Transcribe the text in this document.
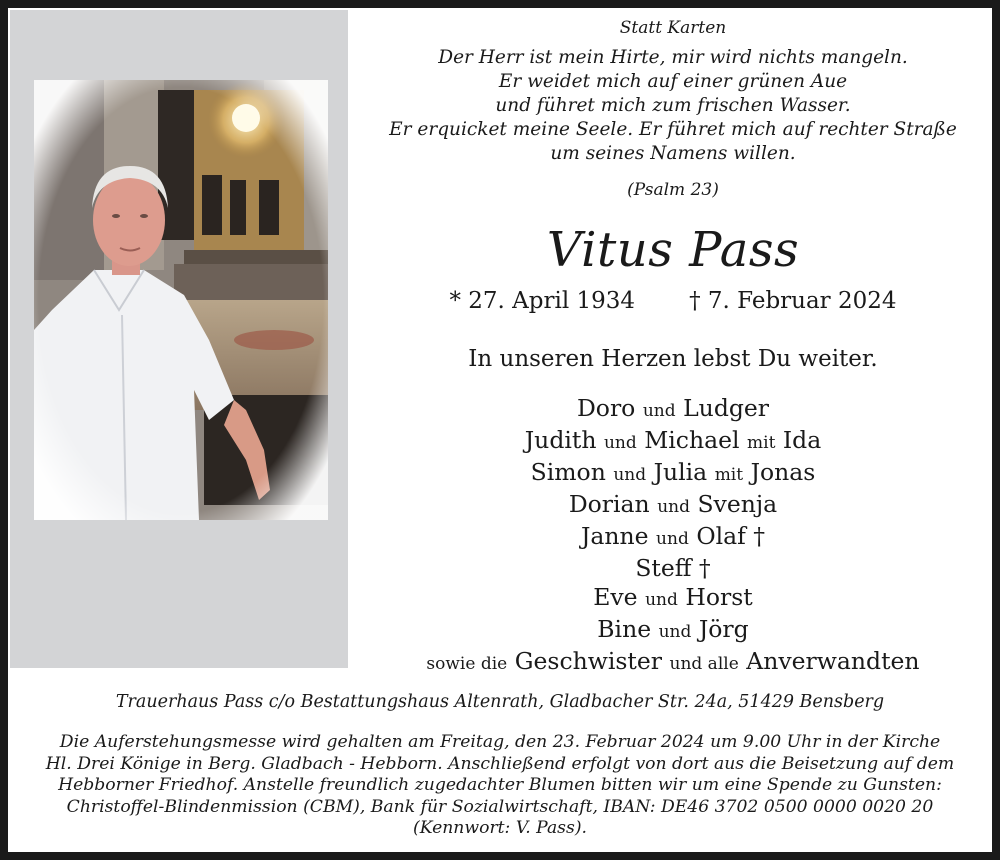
Statt Karten
Der Herr ist mein Hirte, mir wird nichts mangeln.
Er weidet mich auf einer grünen Aue
und führet mich zum frischen Wasser.
Er erquicket meine Seele. Er führet mich auf rechter Straße
um seines Namens willen.
(Psalm 23)
Vitus Pass
* 27. April 1934 † 7. Februar 2024
In unseren Herzen lebst Du weiter.
Doro und Ludger
Judith und Michael mit Ida
Simon und Julia mit Jonas
Dorian und Svenja
Janne und Olaf †
Steff †
Eve und Horst
Bine und Jörg
sowie die Geschwister und alle Anverwandten
Trauerhaus Pass c/o Bestattungshaus Altenrath, Gladbacher Str. 24a, 51429 Bensberg
Die Auferstehungsmesse wird gehalten am Freitag, den 23. Februar 2024 um 9.00 Uhr in der Kirche
Hl. Drei Könige in Berg. Gladbach - Hebborn. Anschließend erfolgt von dort aus die Beisetzung auf dem
Hebborner Friedhof. Anstelle freundlich zugedachter Blumen bitten wir um eine Spende zu Gunsten:
Christoffel-Blindenmission (CBM), Bank für Sozialwirtschaft, IBAN: DE46 3702 0500 0000 0020 20
(Kennwort: V. Pass).
